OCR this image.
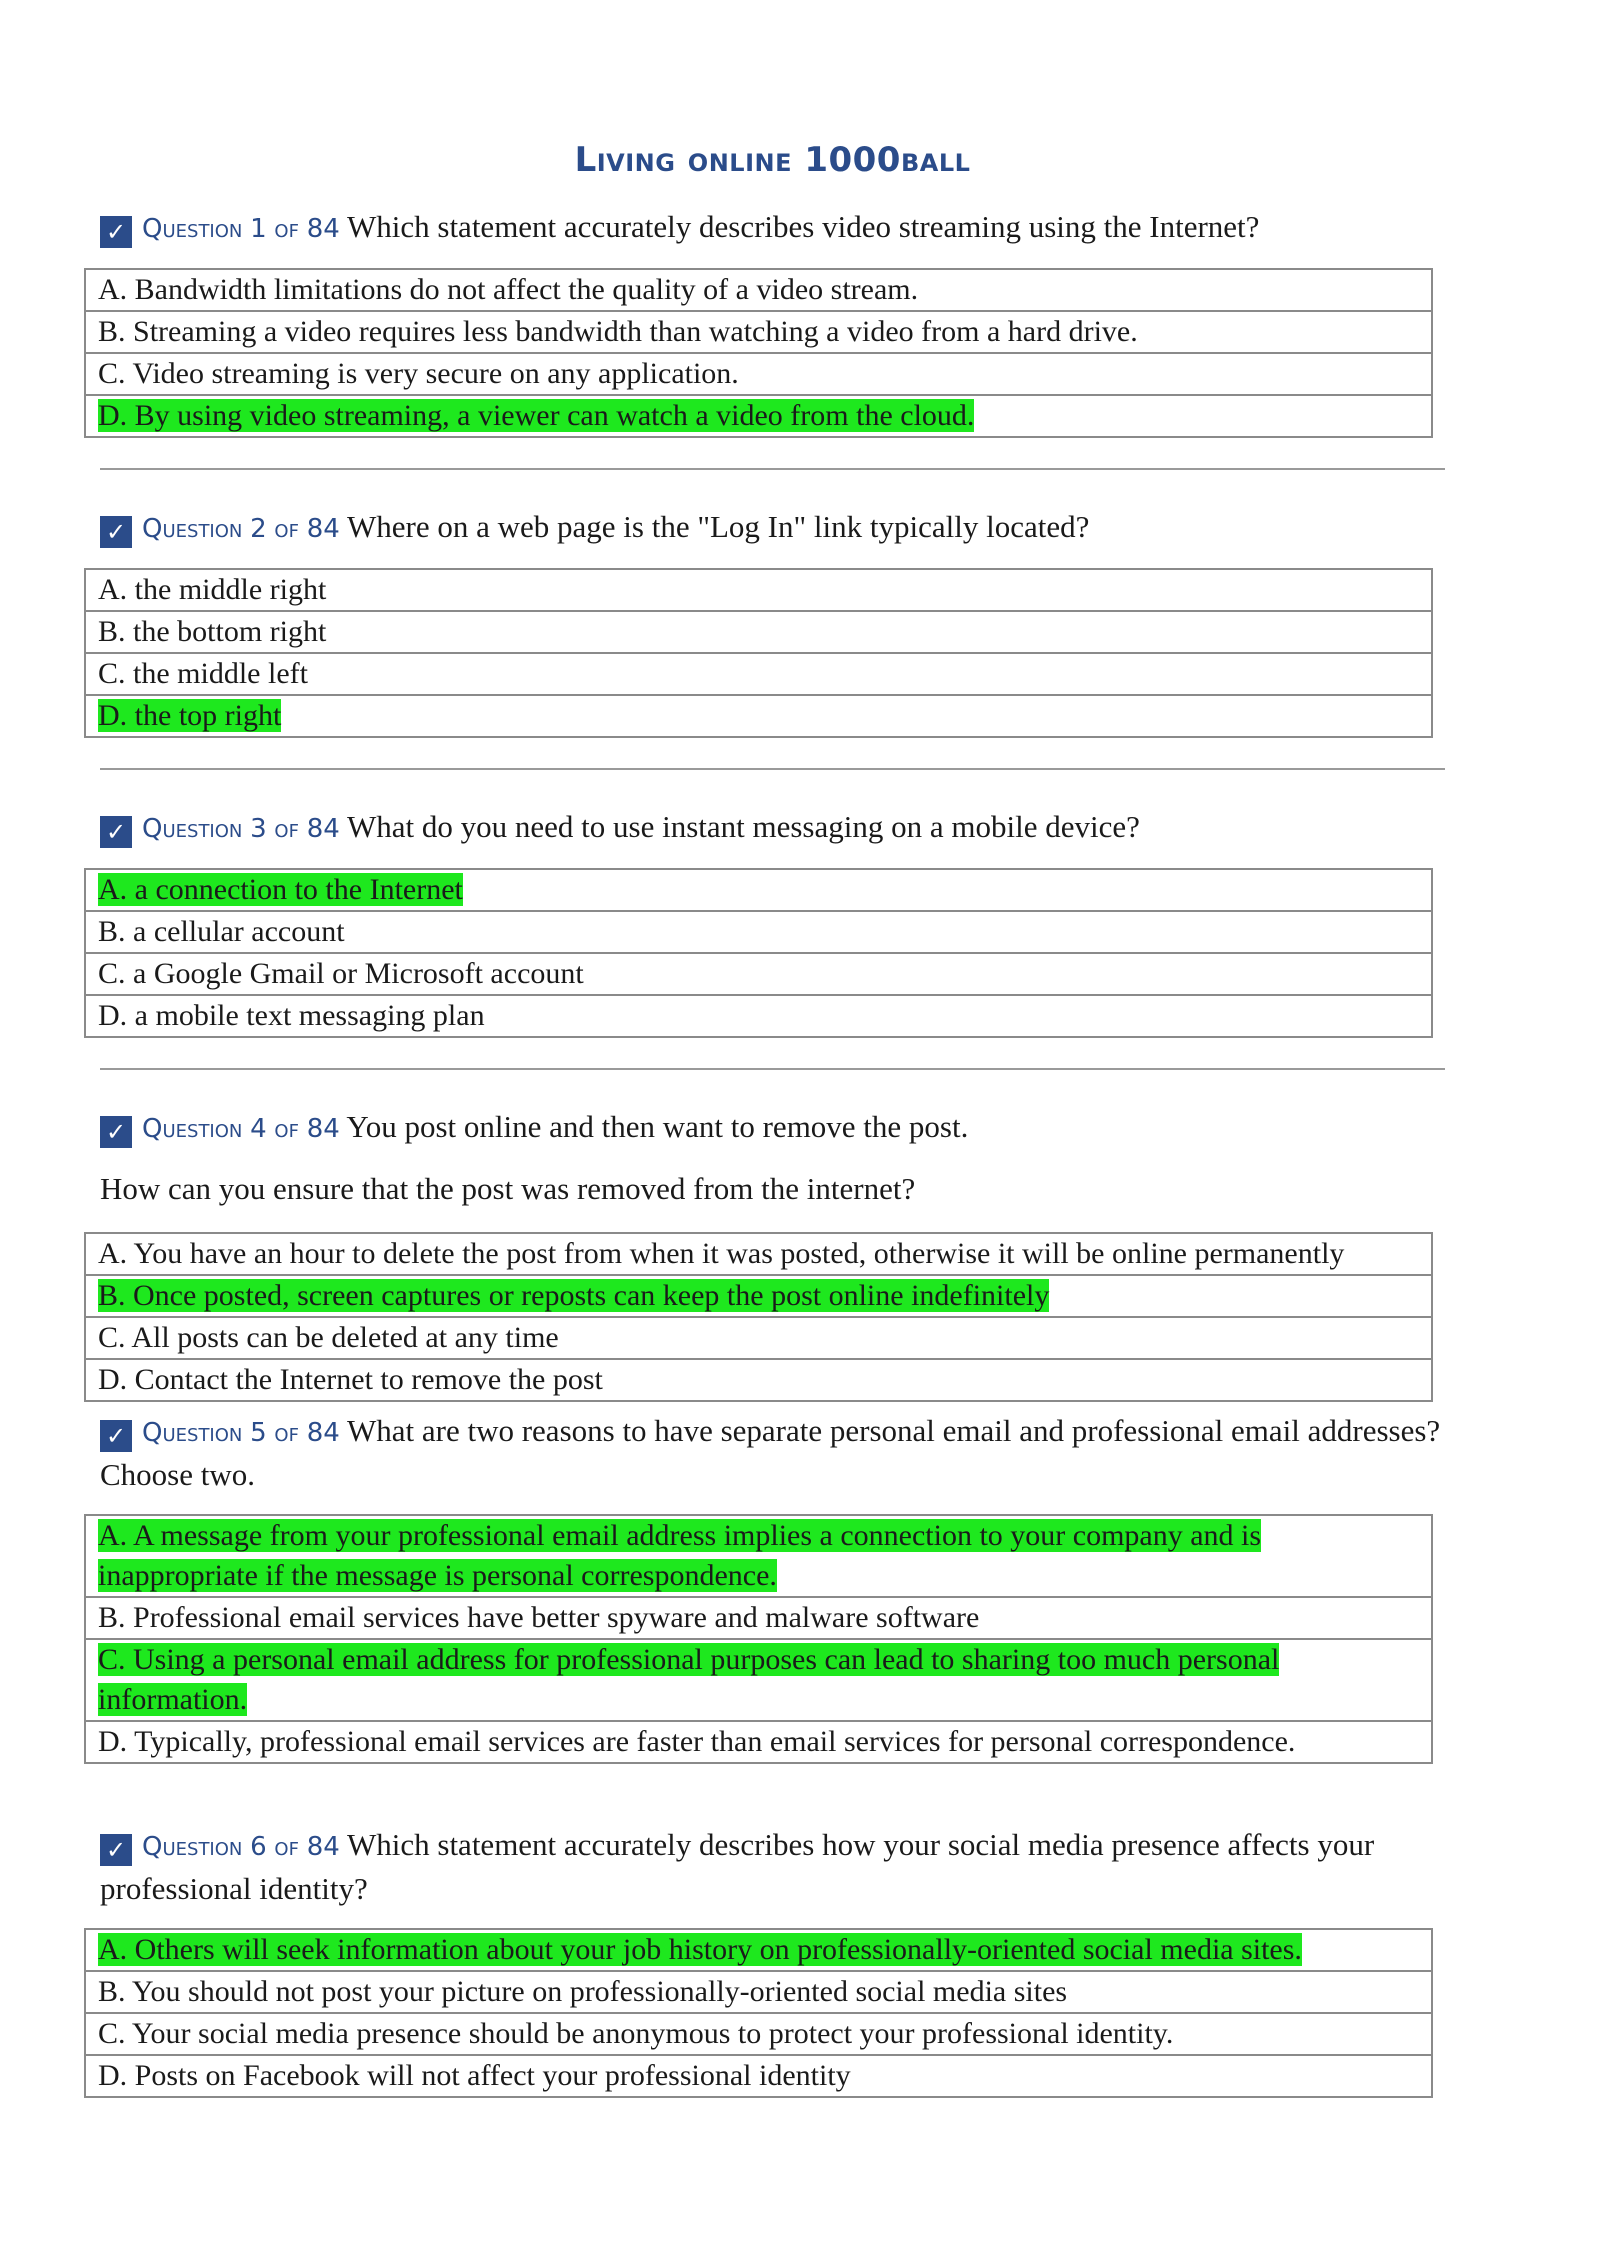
Living online 1000ball

✓ Question 1 of 84 Which statement accurately describes video streaming using the Internet?

A. Bandwidth limitations do not affect the quality of a video stream.
B. Streaming a video requires less bandwidth than watching a video from a hard drive.
C. Video streaming is very secure on any application.
D. By using video streaming, a viewer can watch a video from the cloud.

✓ Question 2 of 84 Where on a web page is the "Log In" link typically located?

A. the middle right
B. the bottom right
C. the middle left
D. the top right

✓ Question 3 of 84 What do you need to use instant messaging on a mobile device?

A. a connection to the Internet
B. a cellular account
C. a Google Gmail or Microsoft account
D. a mobile text messaging plan

✓ Question 4 of 84 You post online and then want to remove the post.

How can you ensure that the post was removed from the internet?

A. You have an hour to delete the post from when it was posted, otherwise it will be online permanently
B. Once posted, screen captures or reposts can keep the post online indefinitely
C. All posts can be deleted at any time
D. Contact the Internet to remove the post

✓ Question 5 of 84 What are two reasons to have separate personal email and professional email addresses? Choose two.

A. A message from your professional email address implies a connection to your company and is inappropriate if the message is personal correspondence.
B. Professional email services have better spyware and malware software
C. Using a personal email address for professional purposes can lead to sharing too much personal information.
D. Typically, professional email services are faster than email services for personal correspondence.

✓ Question 6 of 84 Which statement accurately describes how your social media presence affects your professional identity?

A. Others will seek information about your job history on professionally-oriented social media sites.
B. You should not post your picture on professionally-oriented social media sites
C. Your social media presence should be anonymous to protect your professional identity.
D. Posts on Facebook will not affect your professional identity
